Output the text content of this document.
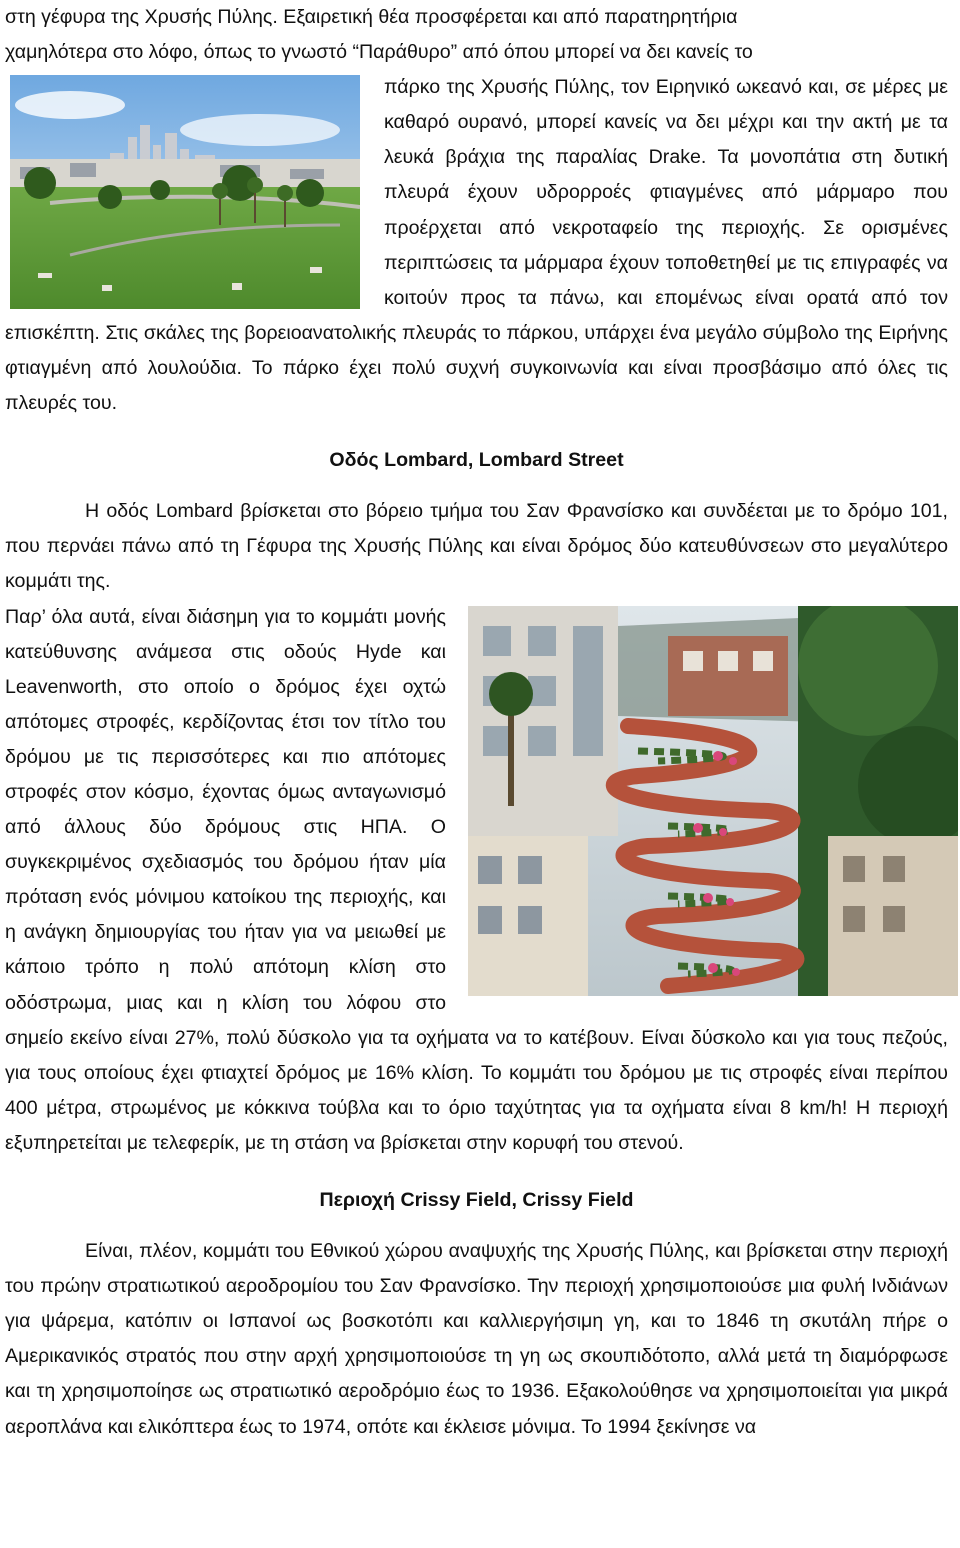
στη γέφυρα της Χρυσής Πύλης. Εξαιρετική θέα προσφέρεται και από παρατηρητήρια

χαμηλότερα στο λόφο, όπως το γνωστό “Παράθυρο” από όπου μπορεί να δει κανείς το

πάρκο της Χρυσής Πύλης, τον Ειρηνικό ωκεανό και, σε μέρες με καθαρό ουρανό, μπορεί κανείς να δει μέχρι και την ακτή με τα λευκά βράχια της παραλίας Drake. Τα μονοπάτια στη δυτική πλευρά έχουν υδρορροές φτιαγμένες από μάρμαρο που προέρχεται από νεκροταφείο της περιοχής. Σε ορισμένες περιπτώσεις τα μάρμαρα έχουν τοποθετηθεί με τις επιγραφές να κοιτούν προς τα πάνω, και επομένως είναι ορατά από τον επισκέπτη. Στις σκάλες της βορειοανατολικής πλευράς το πάρκου, υπάρχει ένα μεγάλο σύμβολο της Ειρήνης φτιαγμένη από λουλούδια. Το πάρκο έχει πολύ συχνή συγκοινωνία και είναι προσβάσιμο από όλες τις πλευρές του.

Οδός Lombard, Lombard Street

Η οδός Lombard βρίσκεται στο βόρειο τμήμα του Σαν Φρανσίσκο και συνδέεται με το δρόμο 101, που περνάει πάνω από τη Γέφυρα της Χρυσής Πύλης και είναι δρόμος δύο κατευθύνσεων στο μεγαλύτερο κομμάτι της.

Παρ’ όλα αυτά, είναι διάσημη για το κομμάτι μονής κατεύθυνσης ανάμεσα στις οδούς Hyde και Leavenworth, στο οποίο ο δρόμος έχει οχτώ απότομες στροφές, κερδίζοντας έτσι τον τίτλο του δρόμου με τις περισσότερες και πιο απότομες στροφές στον κόσμο, έχοντας όμως ανταγωνισμό από άλλους δύο δρόμους στις ΗΠΑ. Ο συγκεκριμένος σχεδιασμός του δρόμου ήταν μία πρόταση ενός μόνιμου κατοίκου της περιοχής, και η ανάγκη δημιουργίας του ήταν για να μειωθεί με κάποιο τρόπο η πολύ απότομη κλίση στο οδόστρωμα, μιας και η κλίση του λόφου στο σημείο εκείνο είναι 27%, πολύ δύσκολο για τα οχήματα να το κατέβουν. Είναι δύσκολο και για τους πεζούς, για τους οποίους έχει φτιαχτεί δρόμος με 16% κλίση. Το κομμάτι του δρόμου με τις στροφές είναι περίπου 400 μέτρα, στρωμένος με κόκκινα τούβλα και το όριο ταχύτητας για τα οχήματα είναι 8 km/h! Η περιοχή εξυπηρετείται με τελεφερίκ, με τη στάση να βρίσκεται στην κορυφή του στενού.

Περιοχή Crissy Field, Crissy Field

Είναι, πλέον, κομμάτι του Εθνικού χώρου αναψυχής της Χρυσής Πύλης, και βρίσκεται στην περιοχή του πρώην στρατιωτικού αεροδρομίου του Σαν Φρανσίσκο. Την περιοχή χρησιμοποιούσε μια φυλή Ινδιάνων για ψάρεμα, κατόπιν οι Ισπανοί ως βοσκοτόπι και καλλιεργήσιμη γη, και το 1846 τη σκυτάλη πήρε ο Αμερικανικός στρατός που στην αρχή χρησιμοποιούσε τη γη ως σκουπιδότοπο, αλλά μετά τη διαμόρφωσε και τη χρησιμοποίησε ως στρατιωτικό αεροδρόμιο έως το 1936. Εξακολούθησε να χρησιμοποιείται για μικρά αεροπλάνα και ελικόπτερα έως το 1974, οπότε και έκλεισε μόνιμα. Το 1994 ξεκίνησε να
